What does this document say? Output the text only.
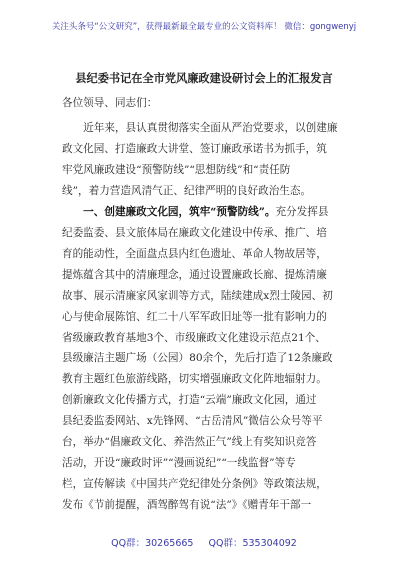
关注头条号“公文研究”，获得最新最全最专业的公文资料库！ 微信：gongwenyj
县纪委书记在全市党风廉政建设研讨会上的汇报发言
各位领导、同志们：
　　近年来，县认真贯彻落实全面从严治党要求，以创建廉
政文化园、打造廉政大讲堂、签订廉政承诺书为抓手，筑
牢党风廉政建设“预警防线”“思想防线”和“责任防
线”，着力营造风清气正、纪律严明的良好政治生态。
　　一、创建廉政文化园，筑牢“预警防线”。充分发挥县
纪委监委、县文旅体局在廉政文化建设中传承、推广、培
育的能动性，全面盘点县内红色遗址、革命人物故居等，
提炼蕴含其中的清廉理念，通过设置廉政长廊、提炼清廉
故事、展示清廉家风家训等方式，陆续建成x烈士陵园、初
心与使命展陈馆、红二十八军军政旧址等一批有影响力的
省级廉政教育基地3个、市级廉政文化建设示范点21个、
县级廉洁主题广场（公园）80余个，先后打造了12条廉政
教育主题红色旅游线路，切实增强廉政文化阵地辐射力。
创新廉政文化传播方式，打造“云端”廉政文化园，通过
县纪委监委网站、x先锋网、“古岳清风”微信公众号等平
台，举办“倡廉政文化、养浩然正气”线上有奖知识竞答
活动，开设“廉政时评”“漫画说纪”“一线监督”等专
栏，宣传解读《中国共产党纪律处分条例》等政策法规，
发布《节前提醒，酒驾醉驾有说“法”》《赠青年干部一
QQ群：30265665 QQ群：535304092
